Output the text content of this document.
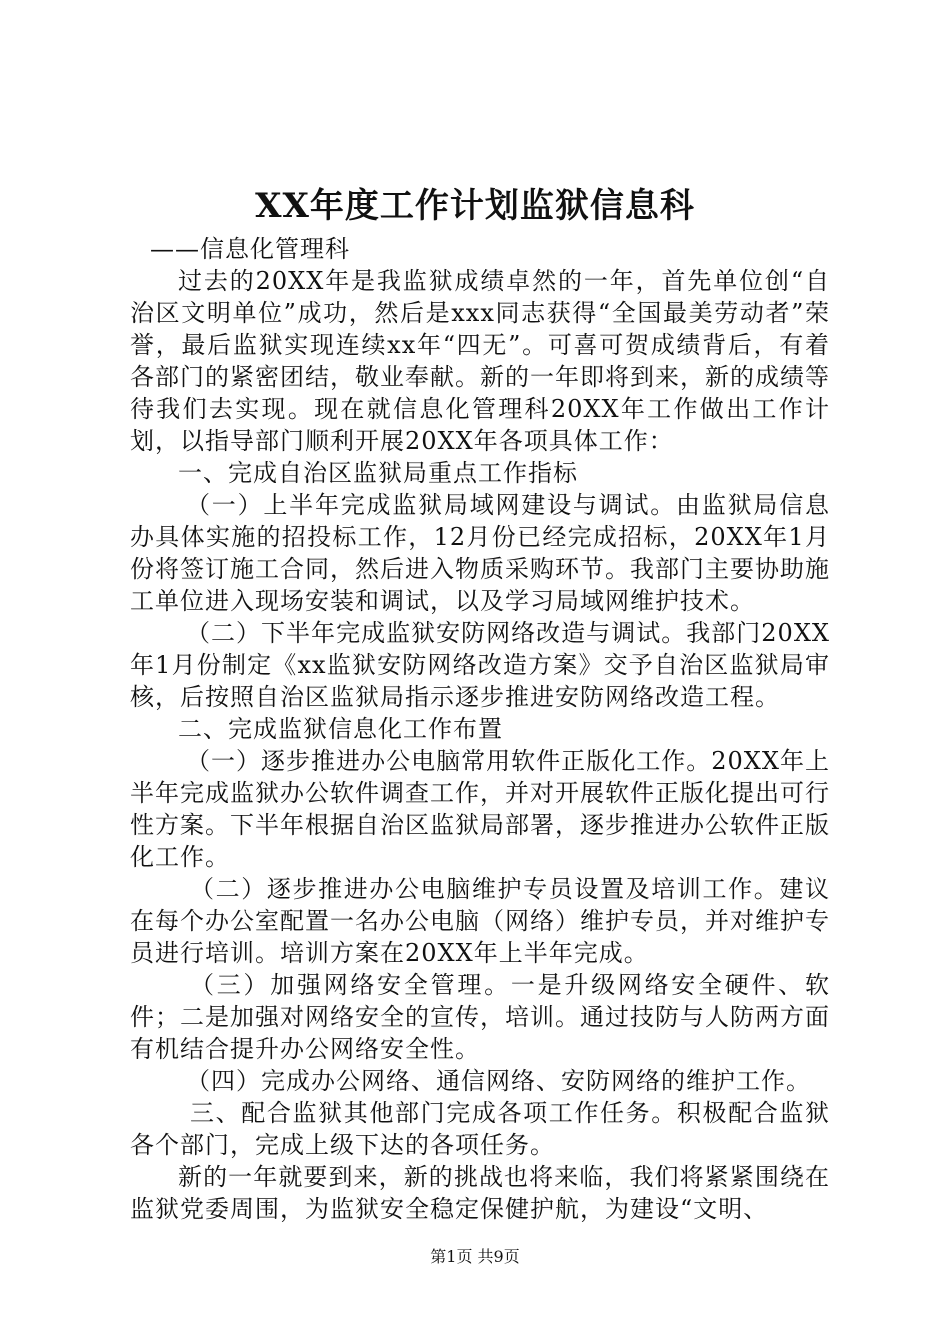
XX年度工作计划监狱信息科

——信息化管理科

过去的20XX年是我监狱成绩卓然的一年，首先单位创“自治区文明单位”成功，然后是xxx同志获得“全国最美劳动者”荣誉，最后监狱实现连续xx年“四无”。可喜可贺成绩背后，有着各部门的紧密团结，敬业奉献。新的一年即将到来，新的成绩等待我们去实现。现在就信息化管理科20XX年工作做出工作计划，以指导部门顺利开展20XX年各项具体工作：

一、完成自治区监狱局重点工作指标

（一）上半年完成监狱局域网建设与调试。由监狱局信息办具体实施的招投标工作，12月份已经完成招标，20XX年1月份将签订施工合同，然后进入物质采购环节。我部门主要协助施工单位进入现场安装和调试，以及学习局域网维护技术。

（二）下半年完成监狱安防网络改造与调试。我部门20XX年1月份制定《xx监狱安防网络改造方案》交予自治区监狱局审核，后按照自治区监狱局指示逐步推进安防网络改造工程。

二、完成监狱信息化工作布置

（一）逐步推进办公电脑常用软件正版化工作。20XX年上半年完成监狱办公软件调查工作，并对开展软件正版化提出可行性方案。下半年根据自治区监狱局部署，逐步推进办公软件正版化工作。

（二）逐步推进办公电脑维护专员设置及培训工作。建议在每个办公室配置一名办公电脑（网络）维护专员，并对维护专员进行培训。培训方案在20XX年上半年完成。

（三）加强网络安全管理。一是升级网络安全硬件、软件；二是加强对网络安全的宣传，培训。通过技防与人防两方面有机结合提升办公网络安全性。

（四）完成办公网络、通信网络、安防网络的维护工作。

三、配合监狱其他部门完成各项工作任务。积极配合监狱各个部门，完成上级下达的各项任务。

新的一年就要到来，新的挑战也将来临，我们将紧紧围绕在监狱党委周围，为监狱安全稳定保健护航，为建设“文明、

第1页 共9页
